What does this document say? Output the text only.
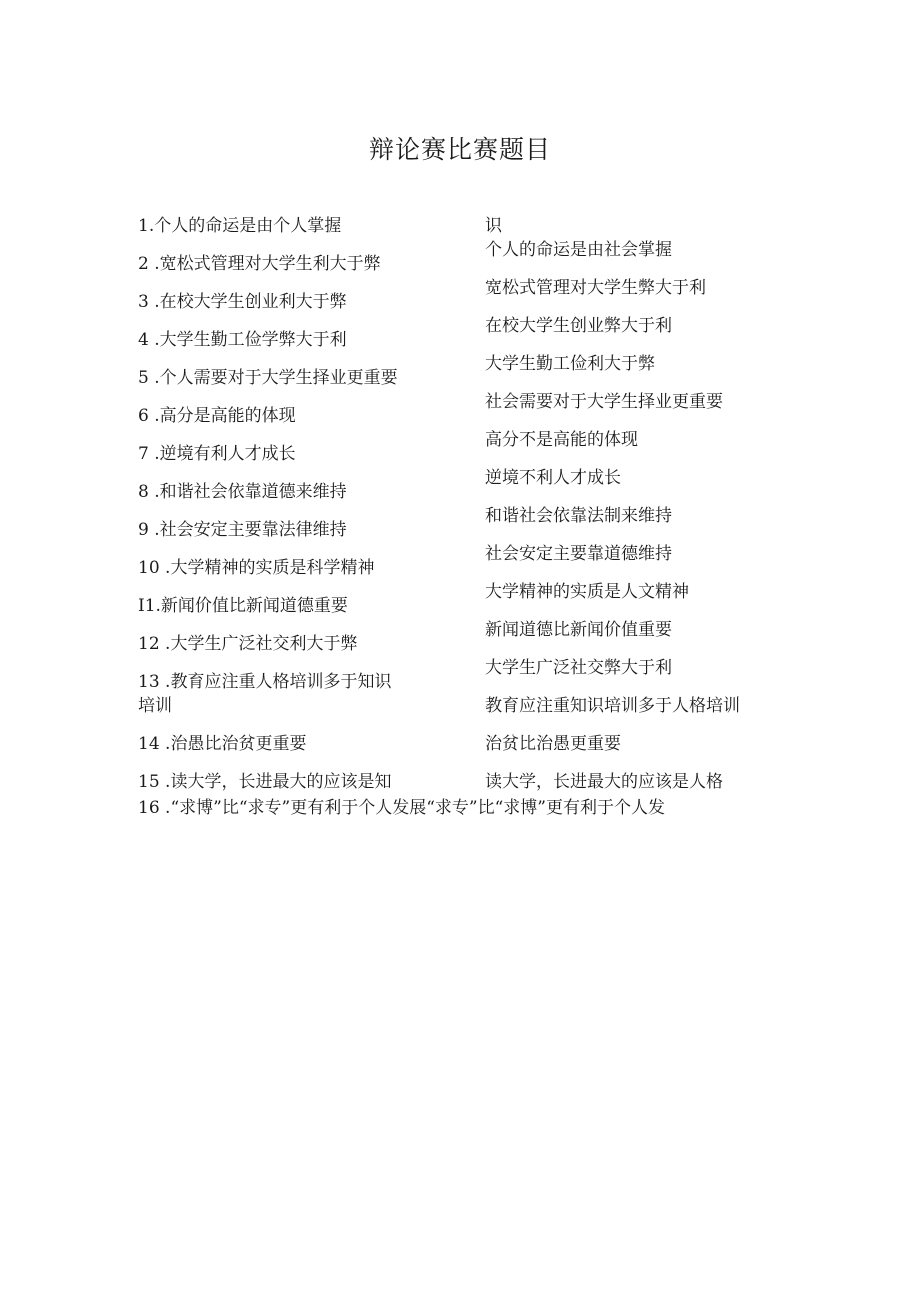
辩论赛比赛题目
1.个人的命运是由个人掌握
2 .宽松式管理对大学生利大于弊
3 .在校大学生创业利大于弊
4 .大学生勤工俭学弊大于利
5 .个人需要对于大学生择业更重要
6 .高分是高能的体现
7 .逆境有利人才成长
8 .和谐社会依靠道德来维持
9 .社会安定主要靠法律维持
10 .大学精神的实质是科学精神
I1.新闻价值比新闻道德重要
12 .大学生广泛社交利大于弊
13 .教育应注重人格培训多于知识
培训
14 .治愚比治贫更重要
15 .读大学，长进最大的应该是知
16 .“求博”比“求专”更有利于个人发展“求专”比“求博”更有利于个人发
识
个人的命运是由社会掌握
宽松式管理对大学生弊大于利
在校大学生创业弊大于利
大学生勤工俭利大于弊
社会需要对于大学生择业更重要
高分不是高能的体现
逆境不利人才成长
和谐社会依靠法制来维持
社会安定主要靠道德维持
大学精神的实质是人文精神
新闻道德比新闻价值重要
大学生广泛社交弊大于利
教育应注重知识培训多于人格培训
治贫比治愚更重要
读大学，长进最大的应该是人格
